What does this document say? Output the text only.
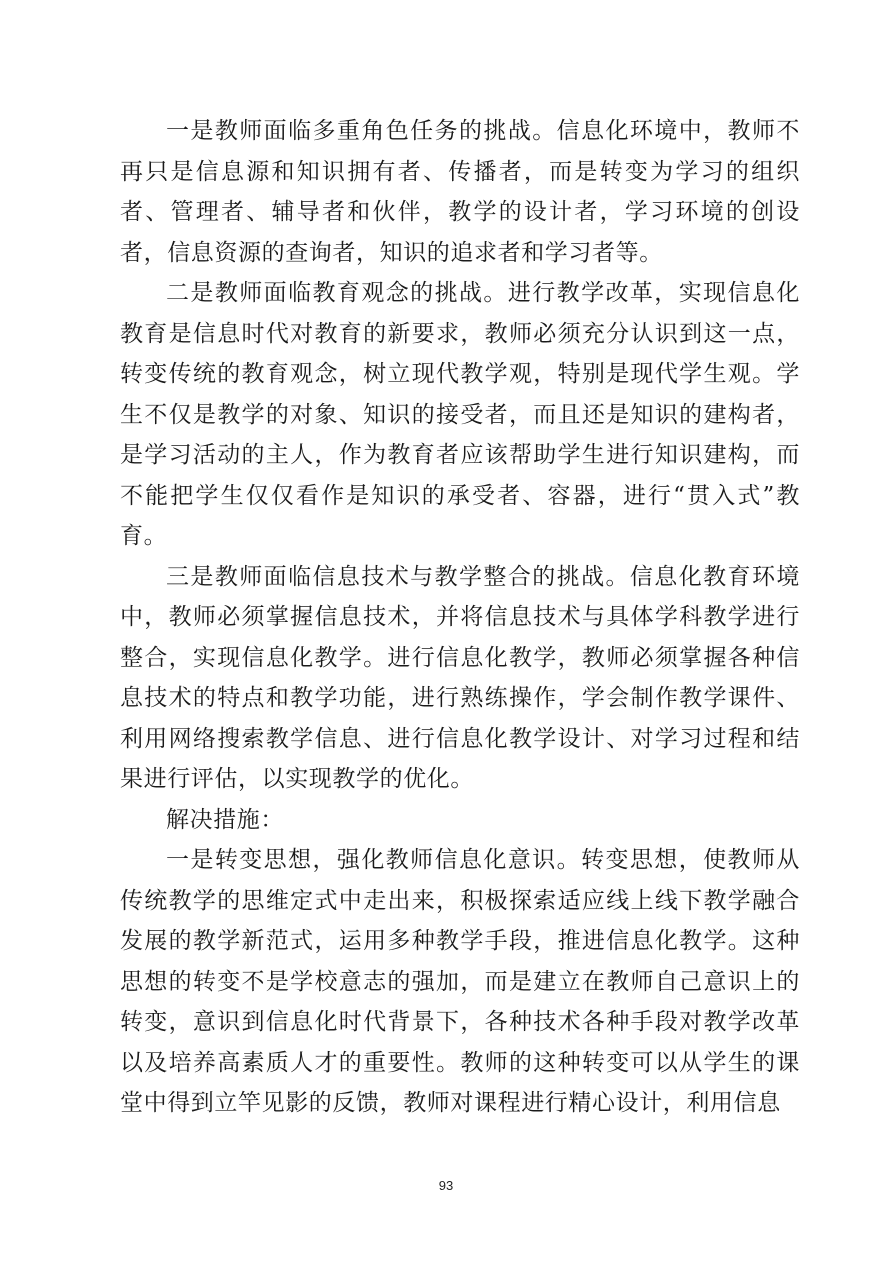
一是教师面临多重角色任务的挑战。信息化环境中，教师不再只是信息源和知识拥有者、传播者，而是转变为学习的组织者、管理者、辅导者和伙伴，教学的设计者，学习环境的创设者，信息资源的查询者，知识的追求者和学习者等。

二是教师面临教育观念的挑战。进行教学改革，实现信息化教育是信息时代对教育的新要求，教师必须充分认识到这一点，转变传统的教育观念，树立现代教学观，特别是现代学生观。学生不仅是教学的对象、知识的接受者，而且还是知识的建构者，是学习活动的主人，作为教育者应该帮助学生进行知识建构，而不能把学生仅仅看作是知识的承受者、容器，进行“贯入式”教育。

三是教师面临信息技术与教学整合的挑战。信息化教育环境中，教师必须掌握信息技术，并将信息技术与具体学科教学进行整合，实现信息化教学。进行信息化教学，教师必须掌握各种信息技术的特点和教学功能，进行熟练操作，学会制作教学课件、利用网络搜索教学信息、进行信息化教学设计、对学习过程和结果进行评估，以实现教学的优化。

解决措施：

一是转变思想，强化教师信息化意识。转变思想，使教师从传统教学的思维定式中走出来，积极探索适应线上线下教学融合发展的教学新范式，运用多种教学手段，推进信息化教学。这种思想的转变不是学校意志的强加，而是建立在教师自己意识上的转变，意识到信息化时代背景下，各种技术各种手段对教学改革以及培养高素质人才的重要性。教师的这种转变可以从学生的课堂中得到立竿见影的反馈，教师对课程进行精心设计，利用信息

93
